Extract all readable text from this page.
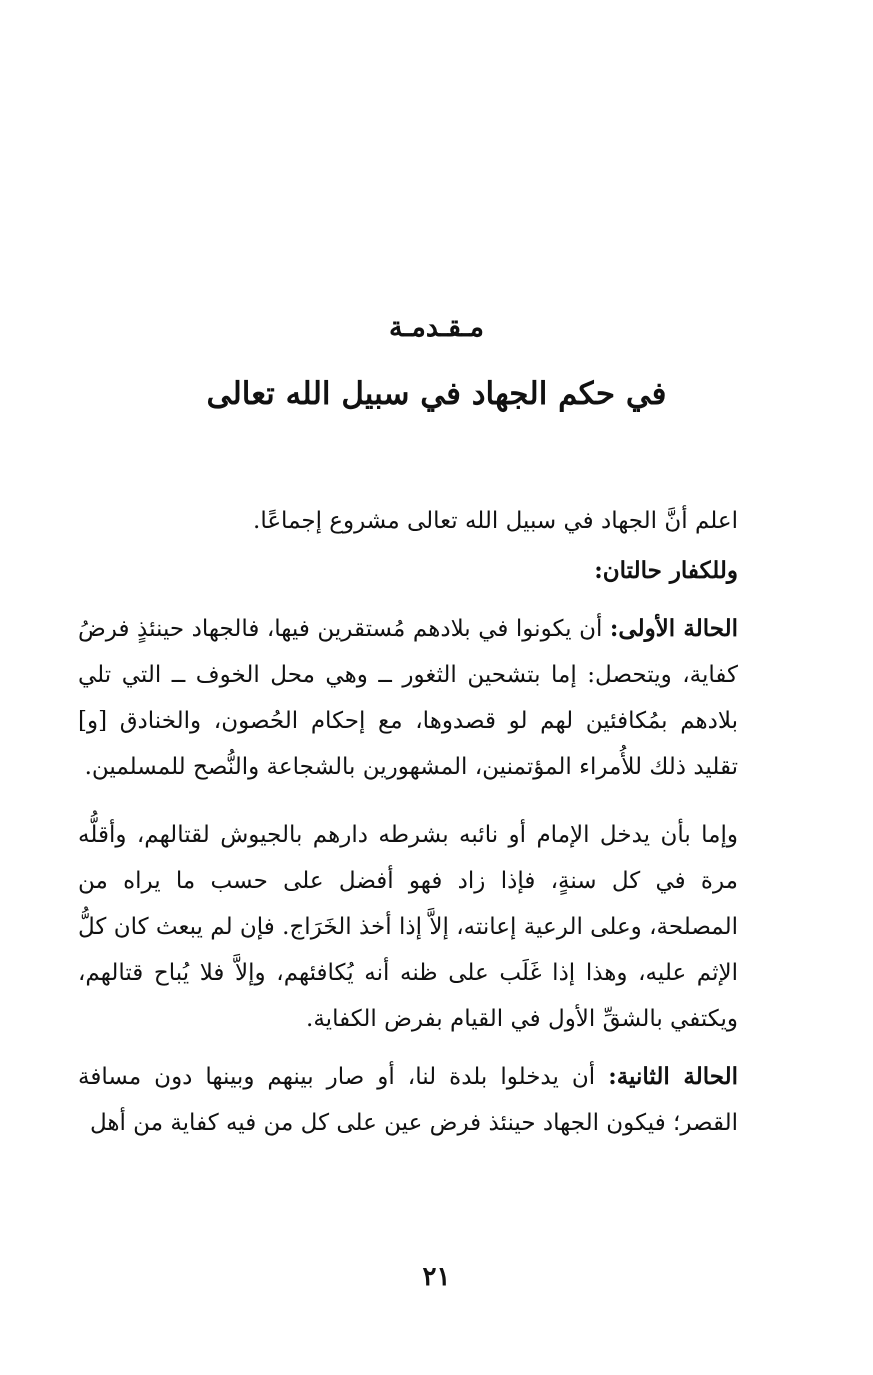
مـقـدمـة
في حكم الجهاد في سبيل الله تعالى

اعلم أنَّ الجهاد في سبيل الله تعالى مشروع إجماعًا.

وللكفار حالتان:

الحالة الأولى: أن يكونوا في بلادهم مُستقرين فيها، فالجهاد حينئذٍ فرضُ كفاية، ويتحصل: إما بتشحين الثغور ــ وهي محل الخوف ــ التي تلي بلادهم بمُكافئين لهم لو قصدوها، مع إحكام الحُصون، والخنادق [و] تقليد ذلك للأُمراء المؤتمنين، المشهورين بالشجاعة والنُّصح للمسلمين.

وإما بأن يدخل الإمام أو نائبه بشرطه دارهم بالجيوش لقتالهم، وأقلُّه مرة في كل سنةٍ، فإذا زاد فهو أفضل على حسب ما يراه من المصلحة، وعلى الرعية إعانته، إلاَّ إذا أخذ الخَرَاج. فإن لم يبعث كان كلُّ الإثم عليه، وهذا إذا غَلَب على ظنه أنه يُكافئهم، وإلاَّ فلا يُباح قتالهم، ويكتفي بالشقِّ الأول في القيام بفرض الكفاية.

الحالة الثانية: أن يدخلوا بلدة لنا، أو صار بينهم وبينها دون مسافة القصر؛ فيكون الجهاد حينئذ فرض عين على كل من فيه كفاية من أهل

٢١
